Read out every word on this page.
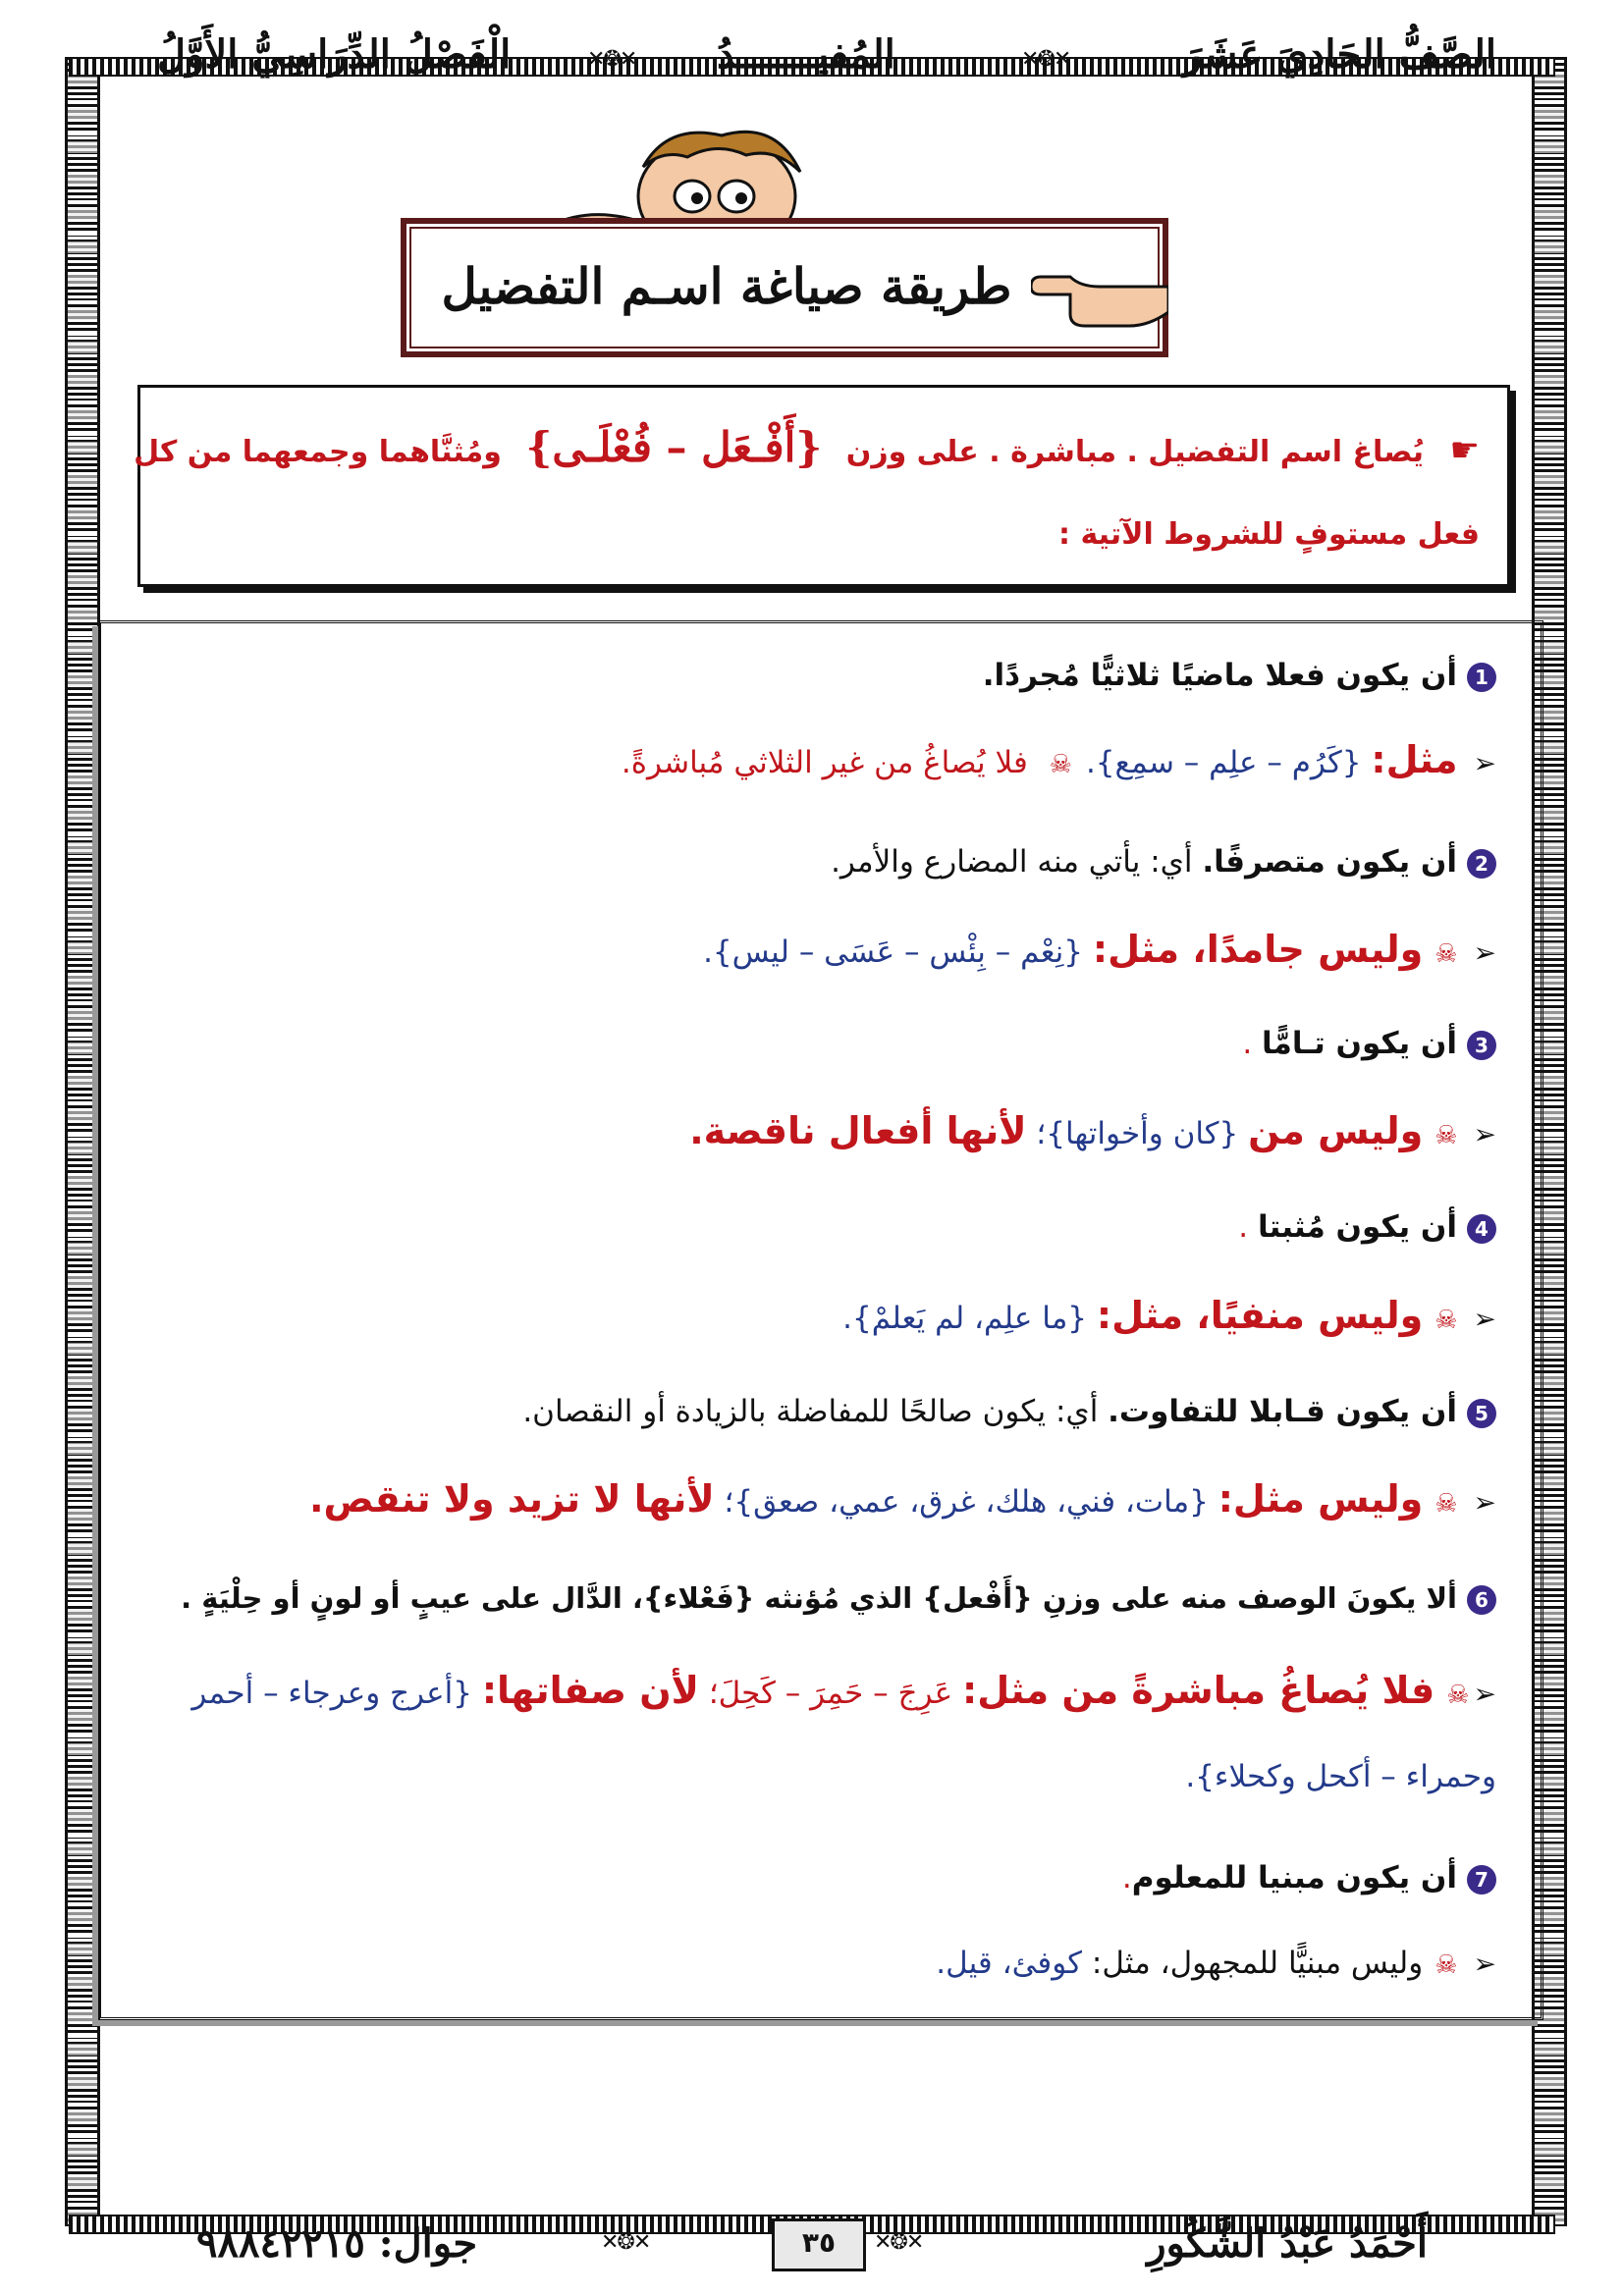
الصَّفُّ الحَادِيَ عَشَرَ
✕❂✕
المُفيـــــــدُ
✕❂✕
الْفَصْلُ الدِّرَاسِيُّ الأَوَّلُ
طريقة صياغة اسـم التفضيل
☛ يُصاغ اسم التفضيل . مباشرة . على وزن {أَفْـعَل – فُعْلَـى} ومُثنَّاهما وجمعهما من كل
فعل مستوفٍ للشروط الآتية :
1أن يكون فعلا ماضيًا ثلاثيًّا مُجردًا.
➢مثل: {كَرُم – علِم – سمِع}.☠ فلا يُصاغُ من غير الثلاثي مُباشرةً.
2أن يكون متصرفًا. أي: يأتي منه المضارع والأمر.
➢☠وليس جامدًا، مثل: {نِعْم – بِئْس – عَسَى – ليس}.
3أن يكون تـامًّا .
➢☠وليس من {كان وأخواتها}؛ لأنها أفعال ناقصة.
4أن يكون مُثبتا .
➢☠وليس منفيًا، مثل: {ما علِم، لم يَعلمْ}.
5أن يكون قـابلا للتفاوت. أي: يكون صالحًا للمفاضلة بالزيادة أو النقصان.
➢☠وليس مثل: {مات، فني، هلك، غرق، عمي، صعق}؛ لأنها لا تزيد ولا تنقص.
6ألا يكونَ الوصف منه على وزنِ {أَفْعل} الذي مُؤنثه {فَعْلاء}، الدَّال على عيبٍ أو لونٍ أو حِلْيَةٍ .
➢☠فلا يُصاغُ مباشرةً من مثل: عَرِجَ – حَمِرَ – كَحِلَ؛ لأن صفاتها: {أعرج وعرجاء – أحمر
وحمراء – أكحل وكحلاء}.
7أن يكون مبنيا للمعلوم.
➢☠وليس مبنيًّا للمجهول، مثل: كوفئ، قيل.
أَحْمَدُ عَبْدُ الشَّكُورِ
✕❂✕
٣٥
✕❂✕
جوال: ٩٨٨٤٢٢١٥
